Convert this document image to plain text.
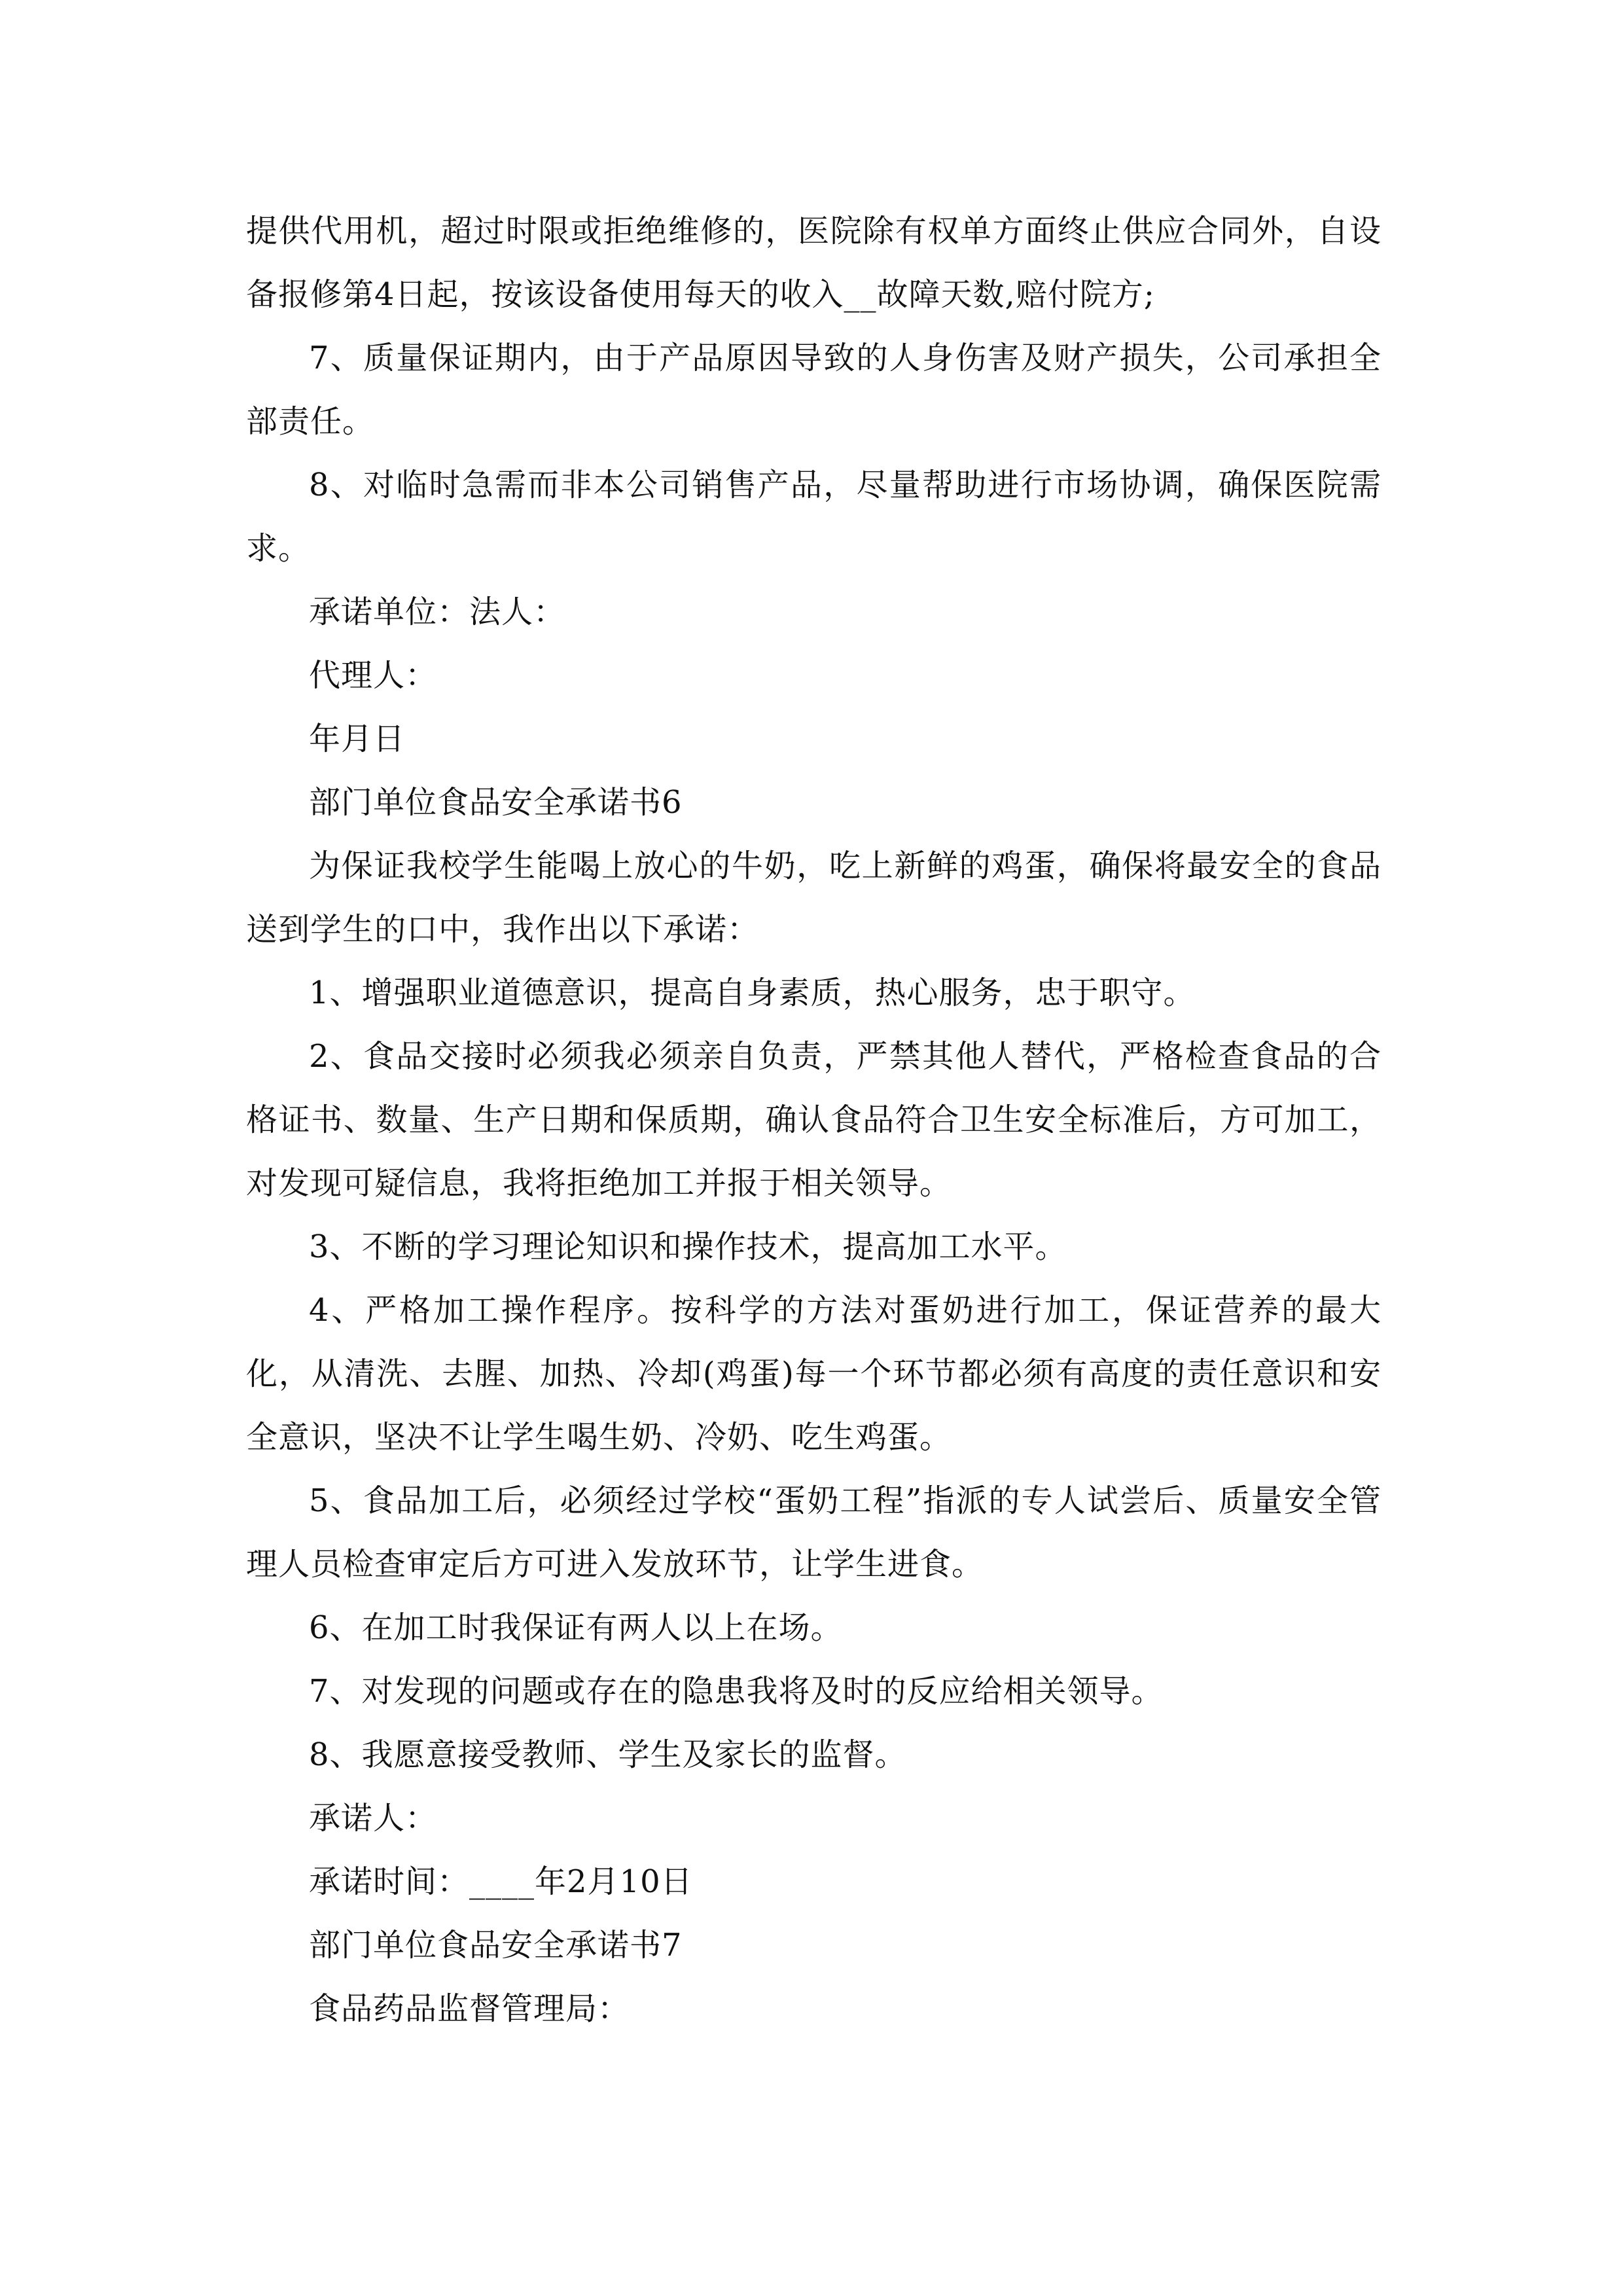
提供代用机，超过时限或拒绝维修的，医院除有权单方面终止供应合同外，自设备报修第4日起，按该设备使用每天的收入__故障天数,赔付院方;

7、质量保证期内，由于产品原因导致的人身伤害及财产损失，公司承担全部责任。

8、对临时急需而非本公司销售产品，尽量帮助进行市场协调，确保医院需求。

承诺单位：法人：

代理人：

年月日

部门单位食品安全承诺书6

为保证我校学生能喝上放心的牛奶，吃上新鲜的鸡蛋，确保将最安全的食品送到学生的口中，我作出以下承诺：

1、增强职业道德意识，提高自身素质，热心服务，忠于职守。

2、食品交接时必须我必须亲自负责，严禁其他人替代，严格检查食品的合格证书、数量、生产日期和保质期，确认食品符合卫生安全标准后，方可加工，对发现可疑信息，我将拒绝加工并报于相关领导。

3、不断的学习理论知识和操作技术，提高加工水平。

4、严格加工操作程序。按科学的方法对蛋奶进行加工，保证营养的最大化，从清洗、去腥、加热、冷却(鸡蛋)每一个环节都必须有高度的责任意识和安全意识，坚决不让学生喝生奶、冷奶、吃生鸡蛋。

5、食品加工后，必须经过学校“蛋奶工程”指派的专人试尝后、质量安全管理人员检查审定后方可进入发放环节，让学生进食。

6、在加工时我保证有两人以上在场。

7、对发现的问题或存在的隐患我将及时的反应给相关领导。

8、我愿意接受教师、学生及家长的监督。

承诺人：

承诺时间：____年2月10日

部门单位食品安全承诺书7

食品药品监督管理局：
